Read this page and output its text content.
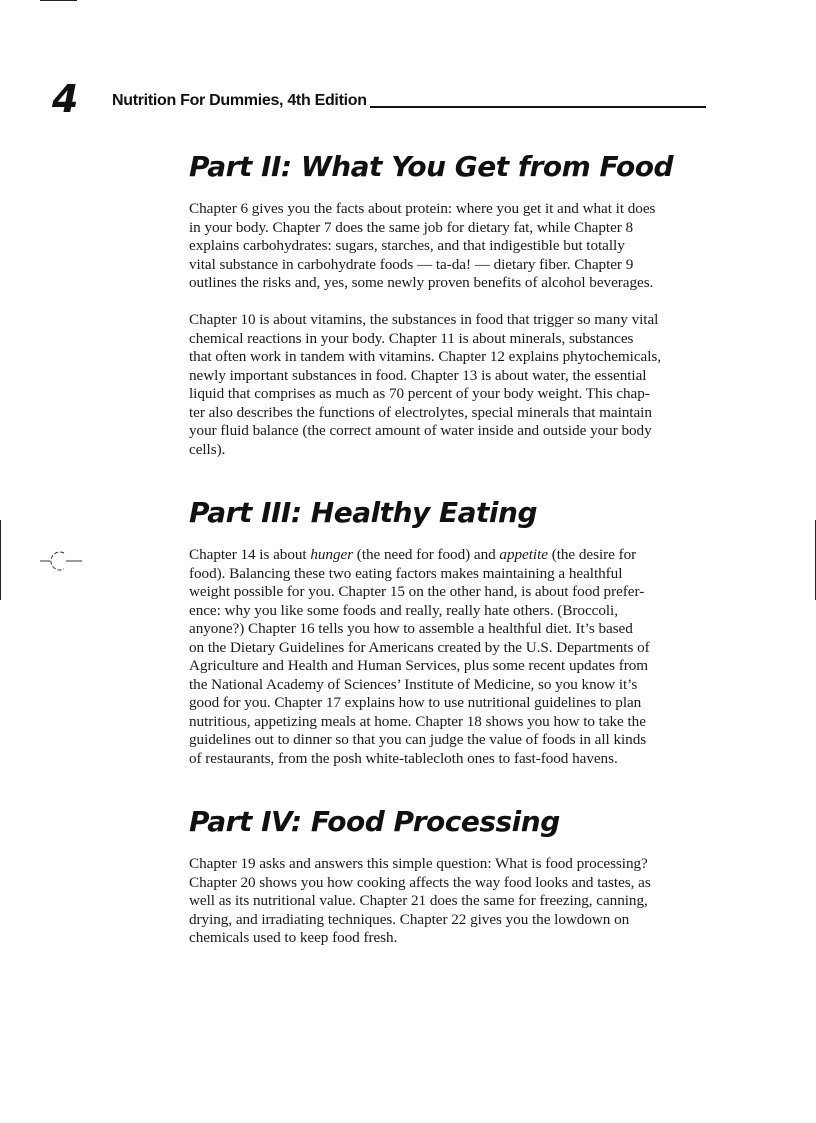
4 Nutrition For Dummies, 4th Edition
Part II: What You Get from Food

Chapter 6 gives you the facts about protein: where you get it and what it does
in your body. Chapter 7 does the same job for dietary fat, while Chapter 8
explains carbohydrates: sugars, starches, and that indigestible but totally
vital substance in carbohydrate foods — ta-da! — dietary fiber. Chapter 9
outlines the risks and, yes, some newly proven benefits of alcohol beverages.

Chapter 10 is about vitamins, the substances in food that trigger so many vital
chemical reactions in your body. Chapter 11 is about minerals, substances
that often work in tandem with vitamins. Chapter 12 explains phytochemicals,
newly important substances in food. Chapter 13 is about water, the essential
liquid that comprises as much as 70 percent of your body weight. This chap-
ter also describes the functions of electrolytes, special minerals that maintain
your fluid balance (the correct amount of water inside and outside your body
cells).

Part III: Healthy Eating

Chapter 14 is about hunger (the need for food) and appetite (the desire for
food). Balancing these two eating factors makes maintaining a healthful
weight possible for you. Chapter 15 on the other hand, is about food prefer-
ence: why you like some foods and really, really hate others. (Broccoli,
anyone?) Chapter 16 tells you how to assemble a healthful diet. It’s based
on the Dietary Guidelines for Americans created by the U.S. Departments of
Agriculture and Health and Human Services, plus some recent updates from
the National Academy of Sciences’ Institute of Medicine, so you know it’s
good for you. Chapter 17 explains how to use nutritional guidelines to plan
nutritious, appetizing meals at home. Chapter 18 shows you how to take the
guidelines out to dinner so that you can judge the value of foods in all kinds
of restaurants, from the posh white-tablecloth ones to fast-food havens.

Part IV: Food Processing

Chapter 19 asks and answers this simple question: What is food processing?
Chapter 20 shows you how cooking affects the way food looks and tastes, as
well as its nutritional value. Chapter 21 does the same for freezing, canning,
drying, and irradiating techniques. Chapter 22 gives you the lowdown on
chemicals used to keep food fresh.
